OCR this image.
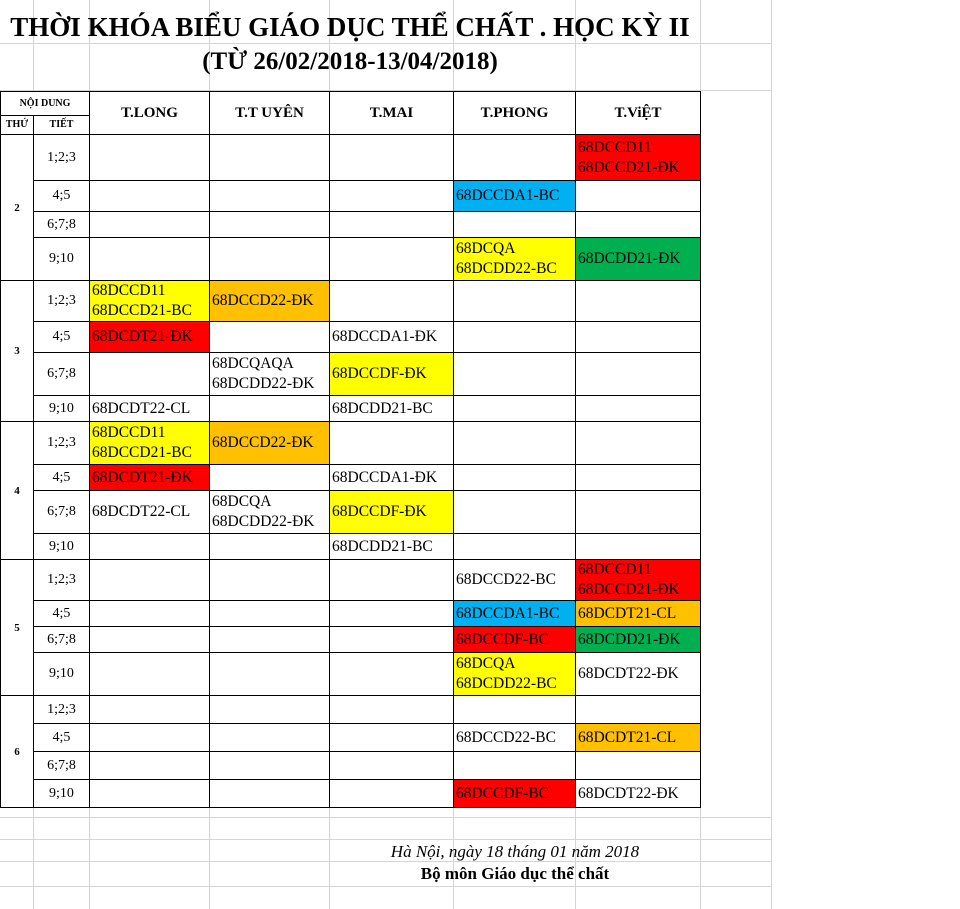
THỜI KHÓA BIỂU GIÁO DỤC THỂ CHẤT . HỌC KỲ II
(TỪ 26/02/2018-13/04/2018)
NỘI DUNG		T.LONG	T.T UYÊN	T.MAI	T.PHONG	T.ViỆT
THỨ	TIẾT					
2	1;2;3					68DCCD11
68DCCD21-ĐK

	4;5				68DCCDA1-BC	

	6;7;8					
	9;10				68DCQA
68DCDD22-BC	68DCDD21-ĐK

3	1;2;3	68DCCD11
68DCCD21-BC	68DCCD22-ĐK			

	4;5	68DCDT21-ĐK		68DCCDA1-ĐK		

	6;7;8		68DCQAQA
68DCDD22-ĐK	68DCCDF-ĐK		

	9;10	68DCDT22-CL		68DCDD21-BC		

4	1;2;3	68DCCD11
68DCCD21-BC	68DCCD22-ĐK			

	4;5	68DCDT21-ĐK		68DCCDA1-ĐK		

	6;7;8	68DCDT22-CL	68DCQA
68DCDD22-ĐK	68DCCDF-ĐK		

	9;10			68DCDD21-BC		

5	1;2;3				68DCCD22-BC	68DCCD11
68DCCD21-ĐK

	4;5				68DCCDA1-BC	68DCDT21-CL

	6;7;8				68DCCDF-BC	68DCDD21-ĐK

	9;10				68DCQA
68DCDD22-BC	68DCDT22-ĐK

6	1;2;3					
	4;5				68DCCD22-BC	68DCDT21-CL

	6;7;8					
	9;10				68DCCDF-BC	68DCDT22-ĐK
Hà Nội, ngày 18 tháng 01 năm 2018
Bộ môn Giáo dục thể chất
